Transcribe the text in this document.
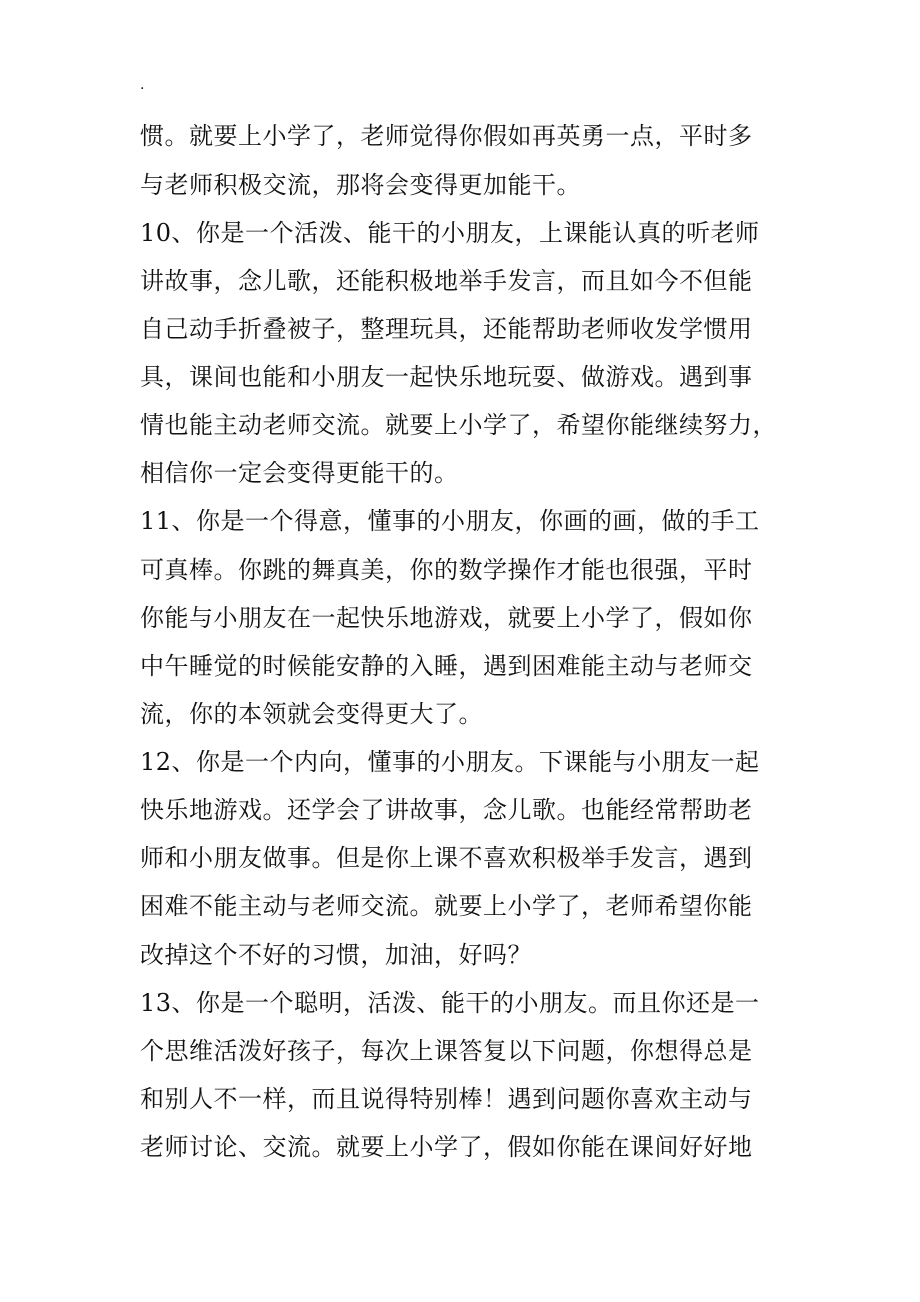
.
惯。就要上小学了，老师觉得你假如再英勇一点，平时多
与老师积极交流，那将会变得更加能干。
10、你是一个活泼、能干的小朋友，上课能认真的听老师
讲故事，念儿歌，还能积极地举手发言，而且如今不但能
自己动手折叠被子，整理玩具，还能帮助老师收发学惯用
具，课间也能和小朋友一起快乐地玩耍、做游戏。遇到事
情也能主动老师交流。就要上小学了，希望你能继续努力，
相信你一定会变得更能干的。
11、你是一个得意，懂事的小朋友，你画的画，做的手工
可真棒。你跳的舞真美，你的数学操作才能也很强，平时
你能与小朋友在一起快乐地游戏，就要上小学了，假如你
中午睡觉的时候能安静的入睡，遇到困难能主动与老师交
流，你的本领就会变得更大了。
12、你是一个内向，懂事的小朋友。下课能与小朋友一起
快乐地游戏。还学会了讲故事，念儿歌。也能经常帮助老
师和小朋友做事。但是你上课不喜欢积极举手发言，遇到
困难不能主动与老师交流。就要上小学了，老师希望你能
改掉这个不好的习惯，加油，好吗？
13、你是一个聪明，活泼、能干的小朋友。而且你还是一
个思维活泼好孩子，每次上课答复以下问题，你想得总是
和别人不一样，而且说得特别棒！遇到问题你喜欢主动与
老师讨论、交流。就要上小学了，假如你能在课间好好地
